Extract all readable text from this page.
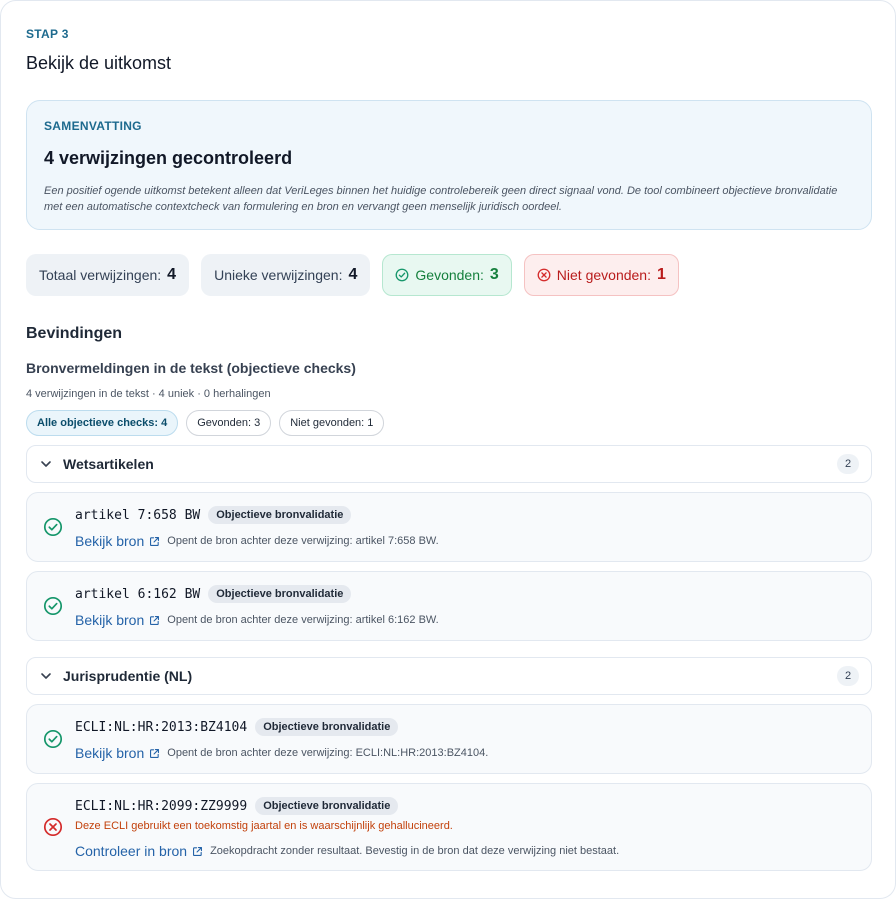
STAP 3
Bekijk de uitkomst
SAMENVATTING
4 verwijzingen gecontroleerd
Een positief ogende uitkomst betekent alleen dat VeriLeges binnen het huidige controlebereik geen direct signaal vond. De tool combineert objectieve bronvalidatie met een automatische contextcheck van formulering en bron en vervangt geen menselijk juridisch oordeel.
Totaal verwijzingen: 4	Unieke verwijzingen: 4	Gevonden: 3	Niet gevonden: 1
Bevindingen
Bronvermeldingen in de tekst (objectieve checks)
4 verwijzingen in de tekst · 4 uniek · 0 herhalingen
Alle objectieve checks: 4	Gevonden: 3	Niet gevonden: 1
Wetsartikelen	2
artikel 7:658 BW	Objectieve bronvalidatie
Bekijk bron Opent de bron achter deze verwijzing: artikel 7:658 BW.
artikel 6:162 BW	Objectieve bronvalidatie
Bekijk bron Opent de bron achter deze verwijzing: artikel 6:162 BW.
Jurisprudentie (NL)	2
ECLI:NL:HR:2013:BZ4104	Objectieve bronvalidatie
Bekijk bron Opent de bron achter deze verwijzing: ECLI:NL:HR:2013:BZ4104.
ECLI:NL:HR:2099:ZZ9999	Objectieve bronvalidatie
Deze ECLI gebruikt een toekomstig jaartal en is waarschijnlijk gehallucineerd.
Controleer in bron Zoekopdracht zonder resultaat. Bevestig in de bron dat deze verwijzing niet bestaat.
